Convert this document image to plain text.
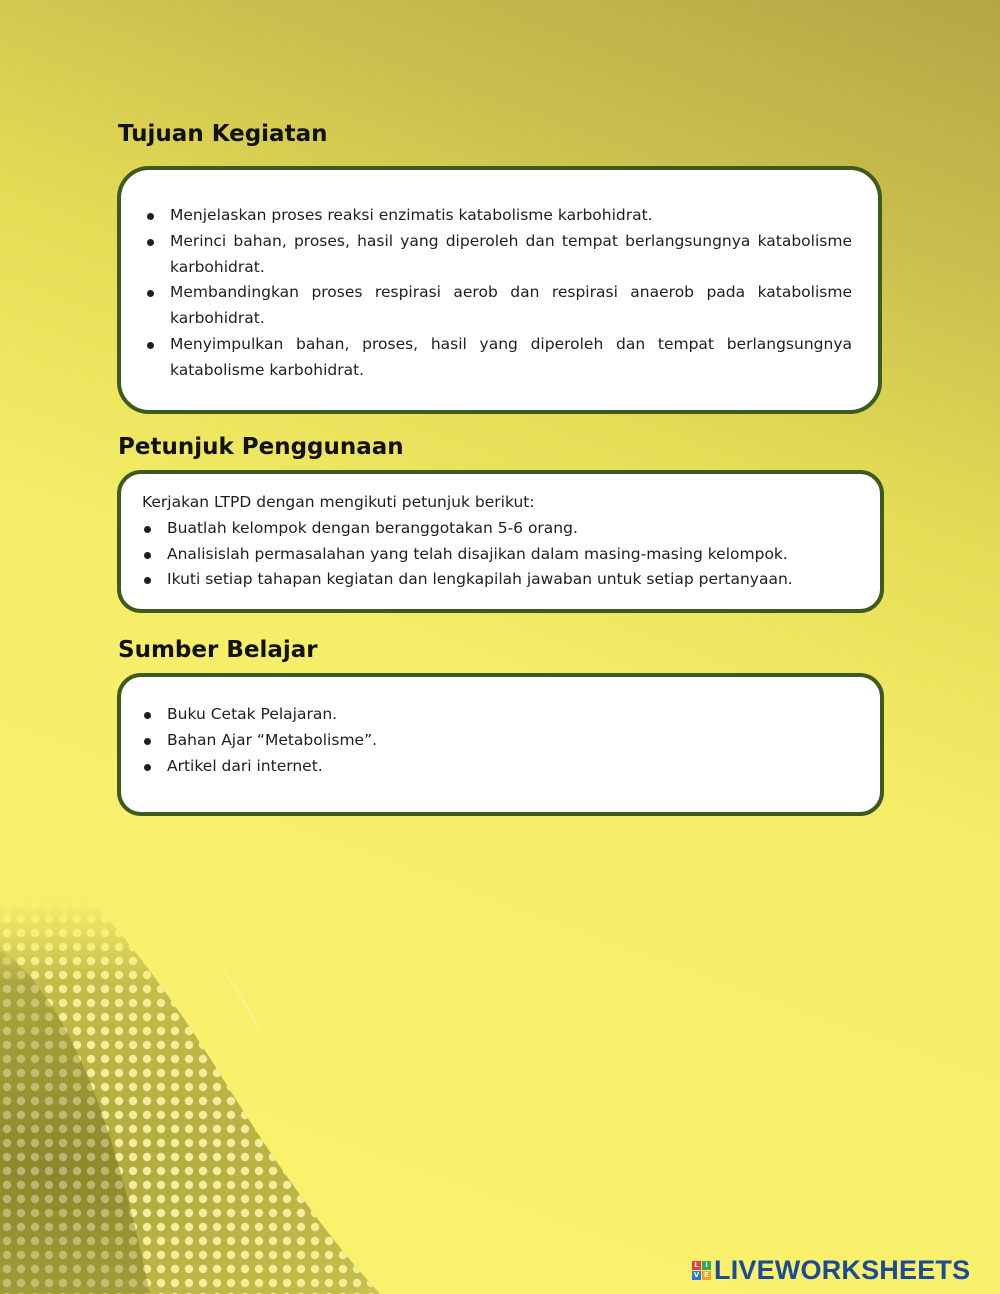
Tujuan Kegiatan
Menjelaskan proses reaksi enzimatis katabolisme karbohidrat.
Merinci bahan, proses, hasil yang diperoleh dan tempat berlangsungnya katabolisme karbohidrat.
Membandingkan proses respirasi aerob dan respirasi anaerob pada katabolisme karbohidrat.
Menyimpulkan bahan, proses, hasil yang diperoleh dan tempat berlangsungnya katabolisme karbohidrat.
Petunjuk Penggunaan

Kerjakan LTPD dengan mengikuti petunjuk berikut:

Buatlah kelompok dengan beranggotakan 5-6 orang.
Analisislah permasalahan yang telah disajikan dalam masing-masing kelompok.
Ikuti setiap tahapan kegiatan dan lengkapilah jawaban untuk setiap pertanyaan.
Sumber Belajar
Buku Cetak Pelajaran.
Bahan Ajar “Metabolisme”.
Artikel dari internet.
L I
V E LIVEWORKSHEETS
